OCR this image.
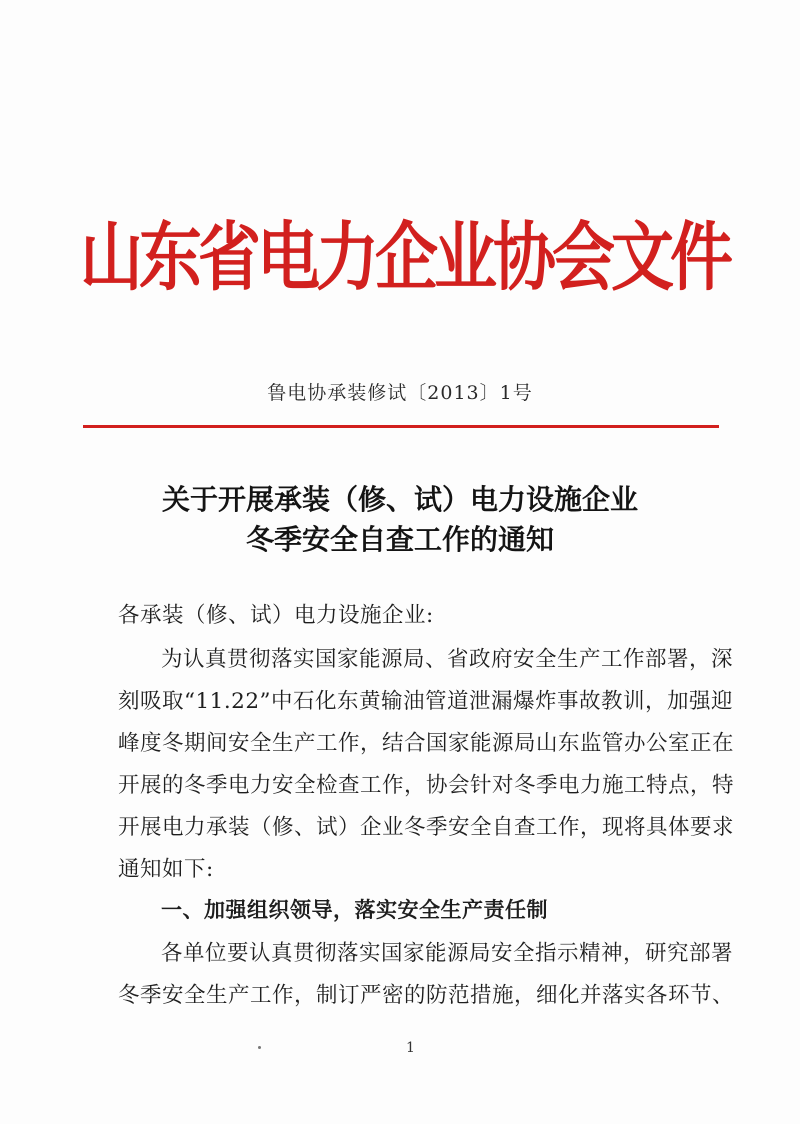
山东省电力企业协会文件
鲁电协承装修试〔2013〕1号
关于开展承装（修、试）电力设施企业
冬季安全自查工作的通知
各承装（修、试）电力设施企业:
为认真贯彻落实国家能源局、省政府安全生产工作部署，深
刻吸取“11.22”中石化东黄输油管道泄漏爆炸事故教训，加强迎
峰度冬期间安全生产工作，结合国家能源局山东监管办公室正在
开展的冬季电力安全检查工作，协会针对冬季电力施工特点，特
开展电力承装（修、试）企业冬季安全自查工作，现将具体要求
通知如下:
一、加强组织领导，落实安全生产责任制
各单位要认真贯彻落实国家能源局安全指示精神，研究部署
冬季安全生产工作，制订严密的防范措施，细化并落实各环节、
1
